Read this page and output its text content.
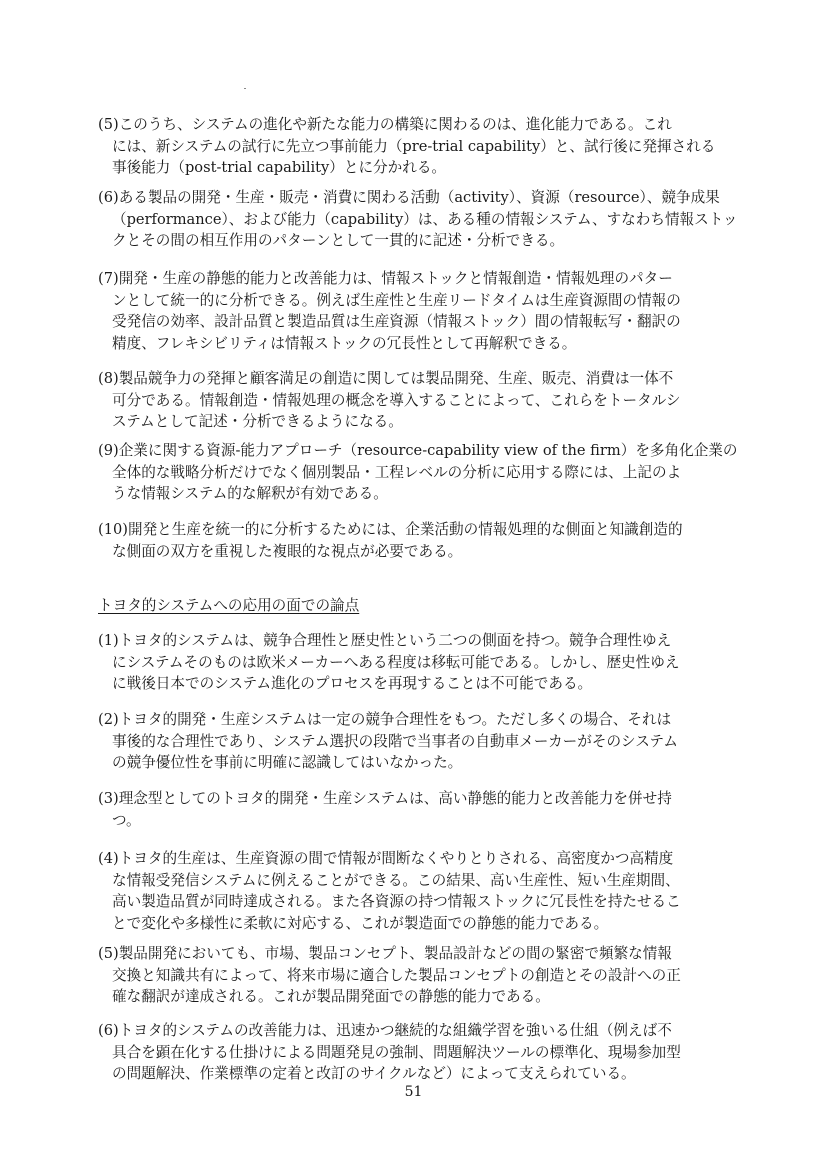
(5)このうち、システムの進化や新たな能力の構築に関わるのは、進化能力である。これ
には、新システムの試行に先立つ事前能力（pre-trial capability）と、試行後に発揮される
事後能力（post-trial capability）とに分かれる。
(6)ある製品の開発・生産・販売・消費に関わる活動（activity）、資源（resource）、競争成果
（performance）、および能力（capability）は、ある種の情報システム、すなわち情報ストッ
クとその間の相互作用のパターンとして一貫的に記述・分析できる。
(7)開発・生産の静態的能力と改善能力は、情報ストックと情報創造・情報処理のパター
ンとして統一的に分析できる。例えば生産性と生産リードタイムは生産資源間の情報の
受発信の効率、設計品質と製造品質は生産資源（情報ストック）間の情報転写・翻訳の
精度、フレキシビリティは情報ストックの冗長性として再解釈できる。
(8)製品競争力の発揮と顧客満足の創造に関しては製品開発、生産、販売、消費は一体不
可分である。情報創造・情報処理の概念を導入することによって、これらをトータルシ
ステムとして記述・分析できるようになる。
(9)企業に関する資源-能力アプローチ（resource-capability view of the firm）を多角化企業の
全体的な戦略分析だけでなく個別製品・工程レベルの分析に応用する際には、上記のよ
うな情報システム的な解釈が有効である。
(10)開発と生産を統一的に分析するためには、企業活動の情報処理的な側面と知識創造的
な側面の双方を重視した複眼的な視点が必要である。
トヨタ的システムへの応用の面での論点
(1)トヨタ的システムは、競争合理性と歴史性という二つの側面を持つ。競争合理性ゆえ
にシステムそのものは欧米メーカーへある程度は移転可能である。しかし、歴史性ゆえ
に戦後日本でのシステム進化のプロセスを再現することは不可能である。
(2)トヨタ的開発・生産システムは一定の競争合理性をもつ。ただし多くの場合、それは
事後的な合理性であり、システム選択の段階で当事者の自動車メーカーがそのシステム
の競争優位性を事前に明確に認識してはいなかった。
(3)理念型としてのトヨタ的開発・生産システムは、高い静態的能力と改善能力を併せ持
つ。
(4)トヨタ的生産は、生産資源の間で情報が間断なくやりとりされる、高密度かつ高精度
な情報受発信システムに例えることができる。この結果、高い生産性、短い生産期間、
高い製造品質が同時達成される。また各資源の持つ情報ストックに冗長性を持たせるこ
とで変化や多様性に柔軟に対応する、これが製造面での静態的能力である。
(5)製品開発においても、市場、製品コンセプト、製品設計などの間の緊密で頻繁な情報
交換と知識共有によって、将来市場に適合した製品コンセプトの創造とその設計への正
確な翻訳が達成される。これが製品開発面での静態的能力である。
(6)トヨタ的システムの改善能力は、迅速かつ継続的な組織学習を強いる仕組（例えば不
具合を顕在化する仕掛けによる問題発見の強制、問題解決ツールの標準化、現場参加型
の問題解決、作業標準の定着と改訂のサイクルなど）によって支えられている。
51
